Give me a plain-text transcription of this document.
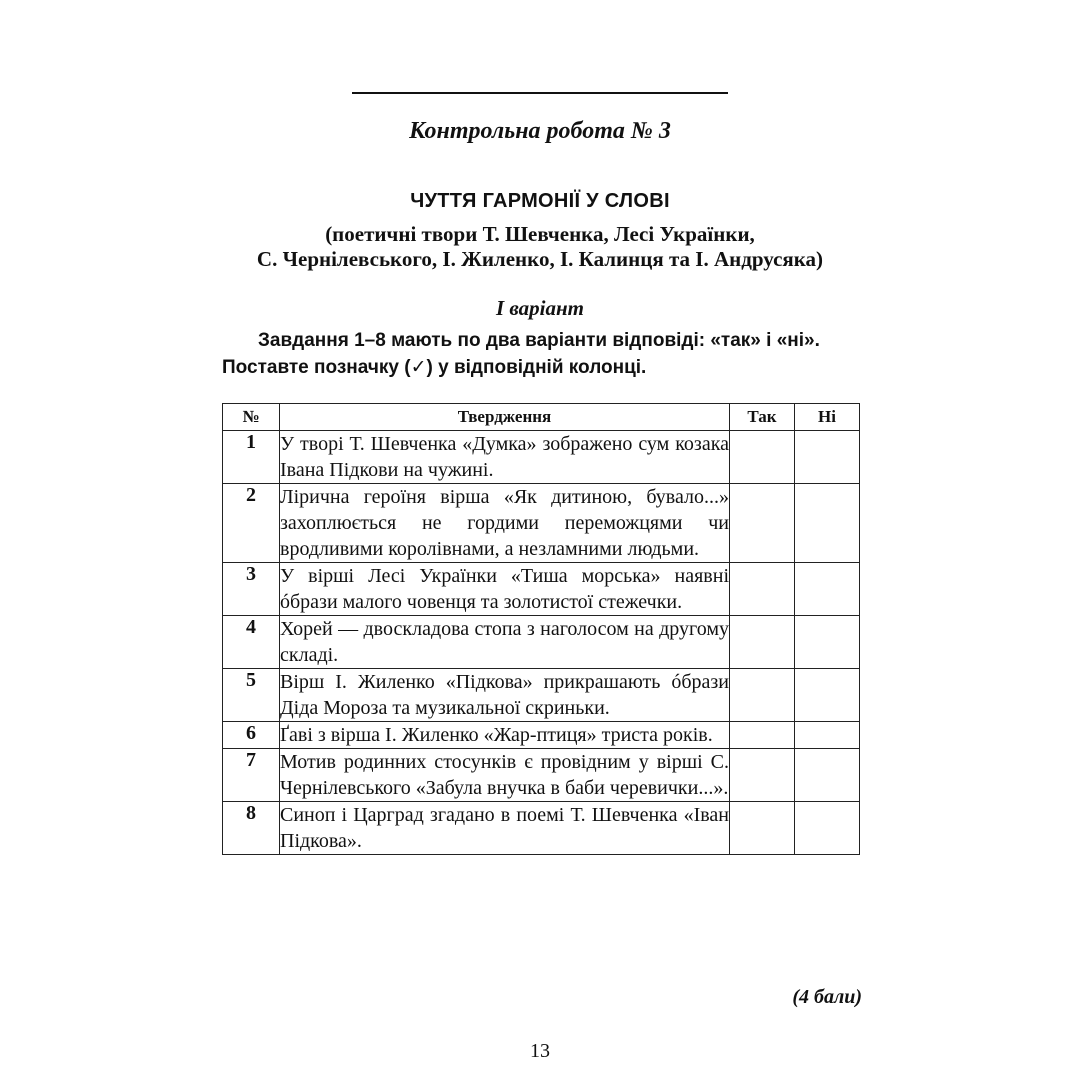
Контрольна робота № 3
ЧУТТЯ ГАРМОНІЇ У СЛОВІ
(поетичні твори Т. Шевченка, Лесі Українки,
С. Чернілевського, І. Жиленко, І. Калинця та І. Андрусяка)
І варіант
Завдання 1–8 мають по два варіанти відповіді: «так» і «ні».
Поставте позначку (✓) у відповідній колонці.
№	Твердження	Так	Ні
1	У творі Т. Шевченка «Думка» зображено сум козака Івана Підкови на чужині.		
2	Лірична героїня вірша «Як дитиною, бувало...» захоплюється не гордими переможцями чи вродливими королівнами, а незламними людьми.		
3	У вірші Лесі Українки «Тиша морська» наявні óбрази малого човенця та золотистої стежечки.		
4	Хорей — двоскладова стопа з наголосом на другому складі.		
5	Вірш І. Жиленко «Підкова» прикрашають óбрази Діда Мороза та музикальної скриньки.		
6	Ґаві з вірша І. Жиленко «Жар-птиця» триста років.		
7	Мотив родинних стосунків є провідним у вірші С. Чернілевського «Забула внучка в баби черевички...».		
8	Синоп і Царград згадано в поемі Т. Шевченка «Іван Підкова».		
(4 бали)
13
